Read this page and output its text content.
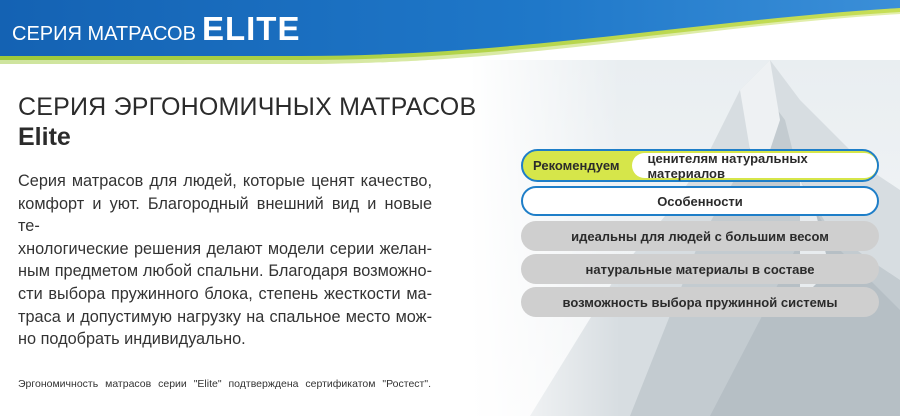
СЕРИЯ МАТРАСОВ ELITE
СЕРИЯ ЭРГОНОМИЧНЫХ МАТРАСОВ
Elite
Серия матрасов для людей, которые ценят качество,
комфорт и уют. Благородный внешний вид и новые те-
хнологические решения делают модели серии желан-
ным предметом любой спальни. Благодаря возможно-
сти выбора пружинного блока, степень жесткости ма-
траса и допустимую нагрузку на спальное место мож-
но подобрать индивидуально.
Рекомендуем	ценителям натуральных материалов
Особенности
идеальны для людей с большим весом
натуральные материалы в составе
возможность выбора пружинной системы
Эргономичность матрасов серии "Elite" подтверждена сертификатом "Ростест".
